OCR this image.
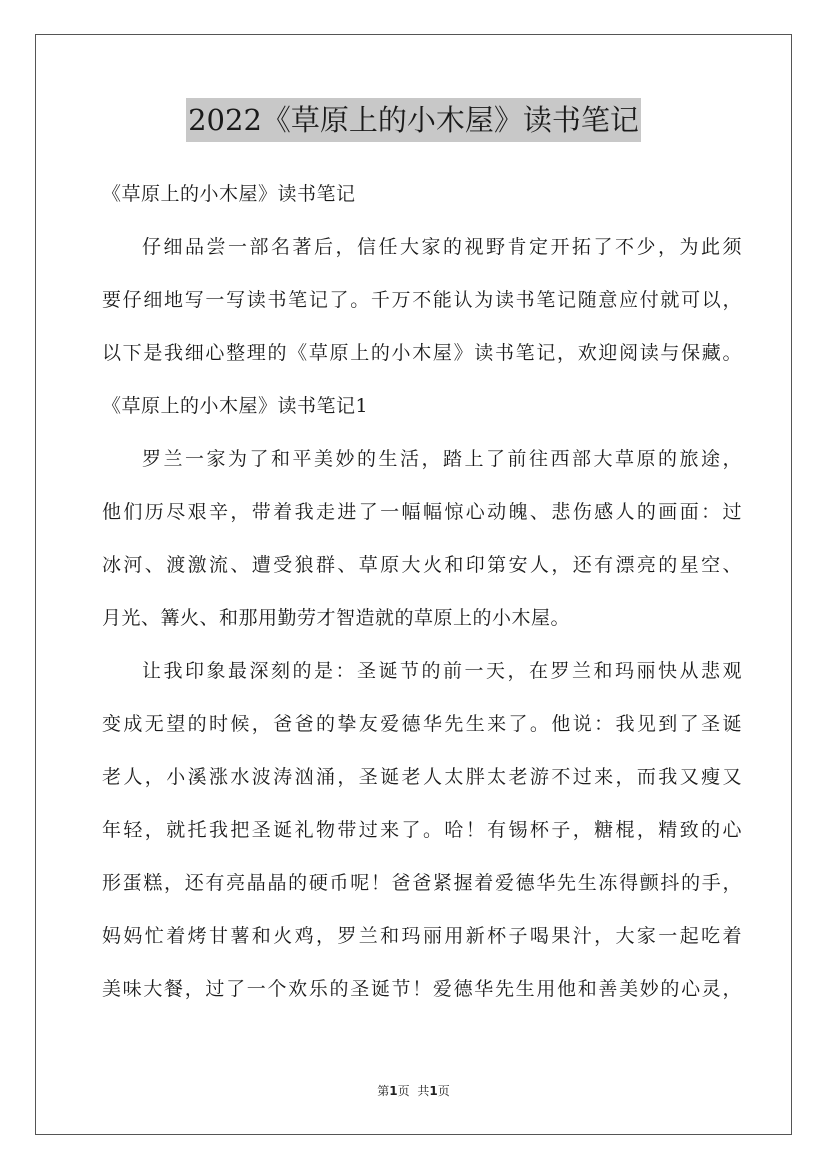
2022《草原上的小木屋》读书笔记
《草原上的小木屋》读书笔记
仔细品尝一部名著后，信任大家的视野肯定开拓了不少，为此须
要仔细地写一写读书笔记了。千万不能认为读书笔记随意应付就可以，
以下是我细心整理的《草原上的小木屋》读书笔记，欢迎阅读与保藏。
《草原上的小木屋》读书笔记1
罗兰一家为了和平美妙的生活，踏上了前往西部大草原的旅途，
他们历尽艰辛，带着我走进了一幅幅惊心动魄、悲伤感人的画面：过
冰河、渡激流、遭受狼群、草原大火和印第安人，还有漂亮的星空、
月光、篝火、和那用勤劳才智造就的草原上的小木屋。
让我印象最深刻的是：圣诞节的前一天，在罗兰和玛丽快从悲观
变成无望的时候，爸爸的挚友爱德华先生来了。他说：我见到了圣诞
老人，小溪涨水波涛汹涌，圣诞老人太胖太老游不过来，而我又瘦又
年轻，就托我把圣诞礼物带过来了。哈！有锡杯子，糖棍，精致的心
形蛋糕，还有亮晶晶的硬币呢！爸爸紧握着爱德华先生冻得颤抖的手，
妈妈忙着烤甘薯和火鸡，罗兰和玛丽用新杯子喝果汁，大家一起吃着
美味大餐，过了一个欢乐的圣诞节！爱德华先生用他和善美妙的心灵，
第1页 共1页
